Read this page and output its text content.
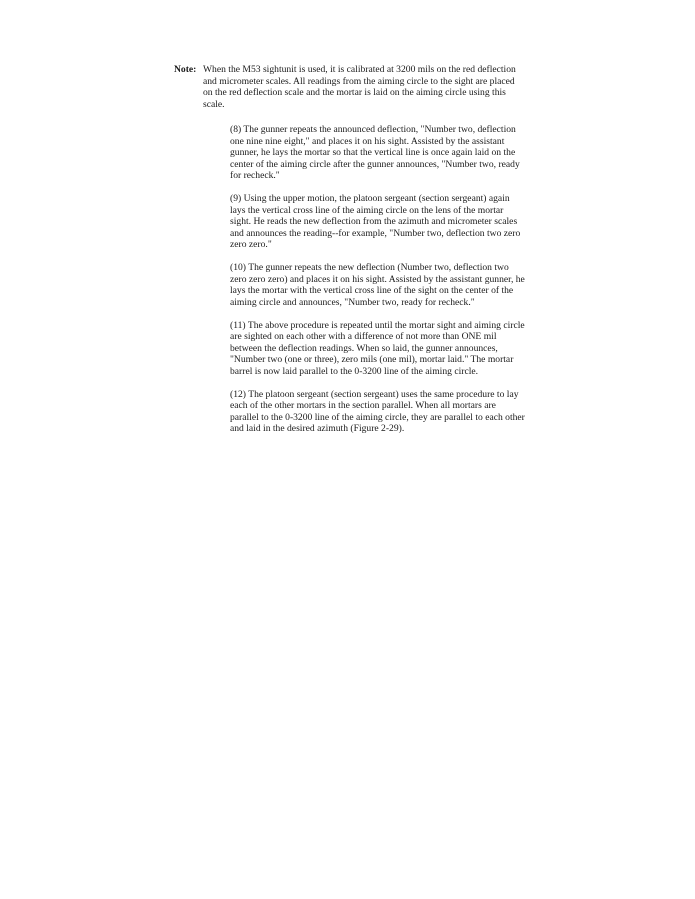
Note: When the M53 sightunit is used, it is calibrated at 3200 mils on the red deflection and micrometer scales. All readings from the aiming circle to the sight are placed on the red deflection scale and the mortar is laid on the aiming circle using this scale.

(8) The gunner repeats the announced deflection, "Number two, deflection one nine nine eight," and places it on his sight. Assisted by the assistant gunner, he lays the mortar so that the vertical line is once again laid on the center of the aiming circle after the gunner announces, "Number two, ready for recheck."

(9) Using the upper motion, the platoon sergeant (section sergeant) again lays the vertical cross line of the aiming circle on the lens of the mortar sight. He reads the new deflection from the azimuth and micrometer scales and announces the reading--for example, "Number two, deflection two zero zero zero."

(10) The gunner repeats the new deflection (Number two, deflection two zero zero zero) and places it on his sight. Assisted by the assistant gunner, he lays the mortar with the vertical cross line of the sight on the center of the aiming circle and announces, "Number two, ready for recheck."

(11) The above procedure is repeated until the mortar sight and aiming circle are sighted on each other with a difference of not more than ONE mil between the deflection readings. When so laid, the gunner announces, "Number two (one or three), zero mils (one mil), mortar laid." The mortar barrel is now laid parallel to the 0-3200 line of the aiming circle.

(12) The platoon sergeant (section sergeant) uses the same procedure to lay each of the other mortars in the section parallel. When all mortars are parallel to the 0-3200 line of the aiming circle, they are parallel to each other and laid in the desired azimuth (Figure 2-29).
